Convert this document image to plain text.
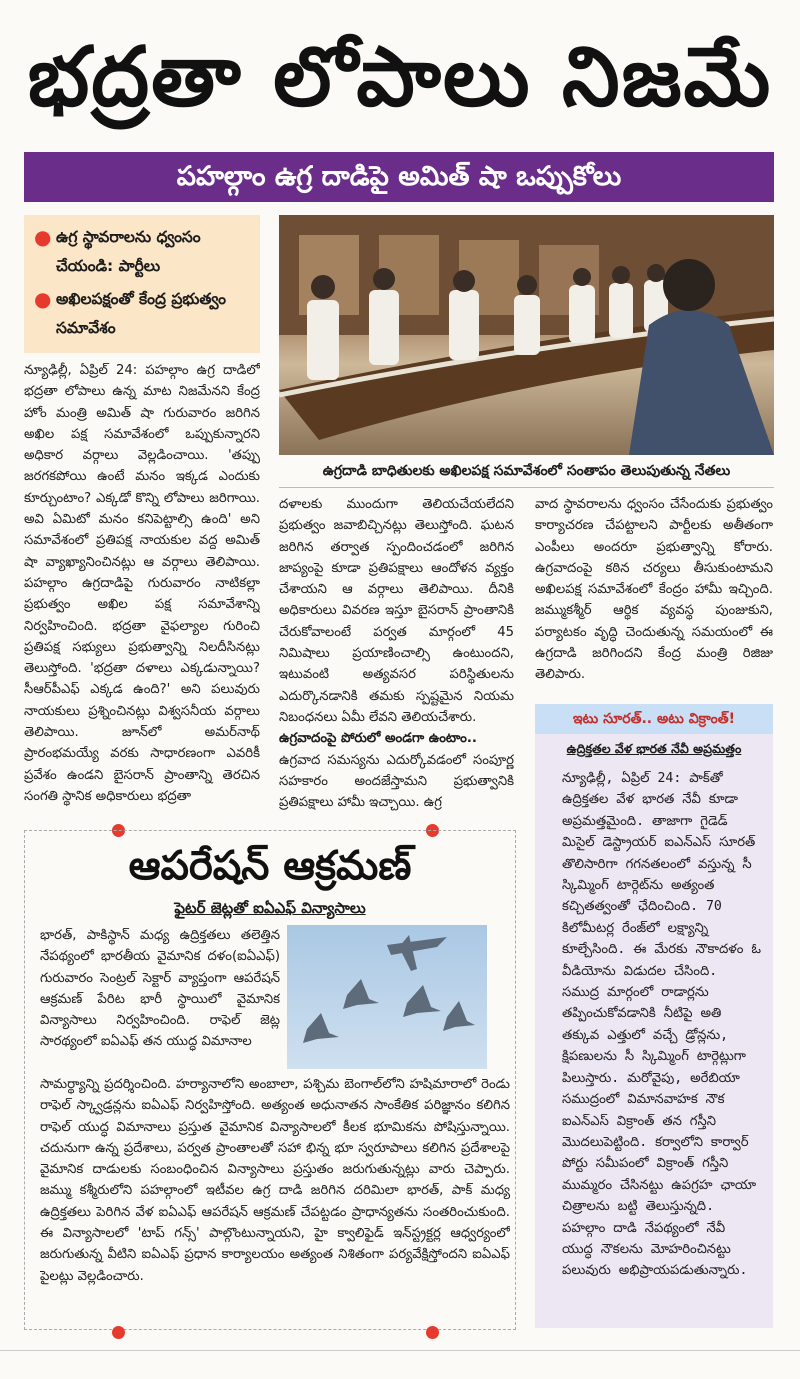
భద్రతా లోపాలు నిజమే
పహల్గాం ఉగ్ర దాడిపై అమిత్ షా ఒప్పుకోలు
● ఉగ్ర స్థావరాలను ధ్వంసం చేయండి: పార్టీలు
● అఖిలపక్షంతో కేంద్ర ప్రభుత్వం సమావేశం
ఉగ్రదాడి బాధితులకు అఖిలపక్ష సమావేశంలో సంతాపం తెలుపుతున్న నేతలు

న్యూఢిల్లీ, ఏప్రిల్ 24: పహల్గాం ఉగ్ర దాడిలో భద్రతా లోపాలు ఉన్న మాట నిజమేనని కేంద్ర హోం మంత్రి అమిత్ షా గురువారం జరిగిన అఖిల పక్ష సమావేశంలో ఒప్పుకున్నారని అధికార వర్గాలు వెల్లడించాయి. 'తప్పు జరగకపోయి ఉంటే మనం ఇక్కడ ఎందుకు కూర్చుంటాం? ఎక్కడో కొన్ని లోపాలు జరిగాయి. అవి ఏమిటో మనం కనిపెట్టాల్సి ఉంది' అని సమావేశంలో ప్రతిపక్ష నాయకుల వద్ద అమిత్ షా వ్యాఖ్యానించినట్లు ఆ వర్గాలు తెలిపాయి. పహల్గాం ఉగ్రదాడిపై గురువారం నాటికల్లా ప్రభుత్వం అఖిల పక్ష సమావేశాన్ని నిర్వహించింది. భద్రతా వైఫల్యాల గురించి ప్రతిపక్ష సభ్యులు ప్రభుత్వాన్ని నిలదీసినట్లు తెలుస్తోంది. 'భద్రతా దళాలు ఎక్కడున్నాయి? సీఆర్‌పీఎఫ్ ఎక్కడ ఉంది?' అని పలువురు నాయకులు ప్రశ్నించినట్లు విశ్వసనీయ వర్గాలు తెలిపాయి. జూన్‌లో అమర్‌నాథ్ ప్రారంభమయ్యే వరకు సాధారణంగా ఎవరికీ ప్రవేశం ఉండని బైసరాన్ ప్రాంతాన్ని తెరచిన సంగతి స్థానిక అధికారులు భద్రతా

దళాలకు ముందుగా తెలియచేయలేదని ప్రభుత్వం జవాబిచ్చినట్లు తెలుస్తోంది. ఘటన జరిగిన తర్వాత స్పందించడంలో జరిగిన జాప్యంపై కూడా ప్రతిపక్షాలు ఆందోళన వ్యక్తం చేశాయని ఆ వర్గాలు తెలిపాయి. దీనికి అధికారులు వివరణ ఇస్తూ బైసరాన్ ప్రాంతానికి చేరుకోవాలంటే పర్వత మార్గంలో 45 నిమిషాలు ప్రయాణించాల్సి ఉంటుందని, ఇటువంటి అత్యవసర పరిస్థితులను ఎదుర్కొనడానికి తమకు స్పష్టమైన నియమ నిబంధనలు ఏమీ లేవని తెలియచేశారు.

ఉగ్రవాదంపై పోరులో అండగా ఉంటాం..

ఉగ్రవాద సమస్యను ఎదుర్కోవడంలో సంపూర్ణ సహకారం అందజేస్తామని ప్రభుత్వానికి ప్రతిపక్షాలు హామీ ఇచ్చాయి. ఉగ్ర

వాద స్థావరాలను ధ్వంసం చేసేందుకు ప్రభుత్వం కార్యాచరణ చేపట్టాలని పార్టీలకు అతీతంగా ఎంపీలు అందరూ ప్రభుత్వాన్ని కోరారు. ఉగ్రవాదంపై కఠిన చర్యలు తీసుకుంటామని అఖిలపక్ష సమావేశంలో కేంద్రం హామీ ఇచ్చింది. జమ్ముకశ్మీర్ ఆర్థిక వ్యవస్థ పుంజుకుని, పర్యాటకం వృద్ధి చెందుతున్న సమయంలో ఈ ఉగ్రదాడి జరిగిందని కేంద్ర మంత్రి రిజిజు తెలిపారు.

ఆపరేషన్ ఆక్రమణ్
ఫైటర్ జెట్లతో ఐఏఎఫ్ విన్యాసాలు

భారత్, పాకిస్థాన్ మధ్య ఉద్రిక్తతలు తలెత్తిన నేపథ్యంలో భారతీయ వైమానిక దళం(ఐఏఎఫ్) గురువారం సెంట్రల్ సెక్టార్ వ్యాప్తంగా ఆపరేషన్ ఆక్రమణ్ పేరిట భారీ స్థాయిలో వైమానిక విన్యాసాలు నిర్వహించింది. రాఫెల్ జెట్ల సారథ్యంలో ఐఏఎఫ్ తన యుద్ధ విమానాల

సామర్థ్యాన్ని ప్రదర్శించింది. హర్యానాలోని అంబాలా, పశ్చిమ బెంగాల్‌లోని హషిమారాలో రెండు రాఫెల్ స్క్వాడ్రన్లను ఐఏఎఫ్ నిర్వహిస్తోంది. అత్యంత అధునాతన సాంకేతిక పరిజ్ఞానం కలిగిన రాఫెల్ యుద్ధ విమానాలు ప్రస్తుత వైమానిక విన్యాసాలలో కీలక భూమికను పోషిస్తున్నాయి. చదునుగా ఉన్న ప్రదేశాలు, పర్వత ప్రాంతాలతో సహా భిన్న భూ స్వరూపాలు కలిగిన ప్రదేశాలపై వైమానిక దాడులకు సంబంధించిన విన్యాసాలు ప్రస్తుతం జరుగుతున్నట్లు వారు చెప్పారు. జమ్ము కశ్మీరులోని పహల్గాంలో ఇటీవల ఉగ్ర దాడి జరిగిన దరిమిలా భారత్, పాక్ మధ్య ఉద్రిక్తతలు పెరిగిన వేళ ఐఏఎఫ్ ఆపరేషన్ ఆక్రమణ్ చేపట్టడం ప్రాధాన్యతను సంతరించుకుంది. ఈ విన్యాసాలలో 'టాప్ గన్స్' పాల్గొంటున్నాయని, హై క్వాలిఫైడ్ ఇన్‌స్ట్రక్టర్ల ఆధ్వర్యంలో జరుగుతున్న వీటిని ఐఏఎఫ్ ప్రధాన కార్యాలయం అత్యంత నిశితంగా పర్యవేక్షిస్తోందని ఐఏఎఫ్ పైలట్లు వెల్లడించారు.

ఇటు సూరత్.. అటు విక్రాంత్!
ఉద్రిక్తతల వేళ భారత నేవీ అప్రమత్తం

న్యూఢిల్లీ, ఏప్రిల్ 24: పాక్‌తో ఉద్రిక్తతల వేళ భారత నేవీ కూడా అప్రమత్తమైంది. తాజాగా గైడెడ్ మిసైల్ డెస్ట్రాయర్ ఐఎన్ఎస్ సూరత్ తొలిసారిగా గగనతలంలో వస్తున్న సీ స్కిమ్మింగ్ టార్గెట్‌ను అత్యంత కచ్చితత్వంతో ఛేదించింది. 70 కిలోమీటర్ల రేంజ్‌లో లక్ష్యాన్ని కూల్చేసింది. ఈ మేరకు నౌకాదళం ఓ వీడియోను విడుదల చేసింది. సముద్ర మార్గంలో రాడార్లను తప్పించుకోవడానికి నీటిపై అతి తక్కువ ఎత్తులో వచ్చే డ్రోన్లను, క్షిపణులను సీ స్కిమ్మింగ్ టార్గెట్లుగా పిలుస్తారు. మరోవైపు, అరేబియా సముద్రంలో విమానవాహక నౌక ఐఎన్ఎస్ విక్రాంత్ తన గస్తీని మొదలుపెట్టింది. కర్వాలోని కార్వార్ పోర్టు సమీపంలో విక్రాంత్ గస్తీని ముమ్మరం చేసినట్టు ఉపగ్రహ ఛాయా చిత్రాలను బట్టి తెలుస్తున్నది. పహల్గాం దాడి నేపథ్యంలో నేవీ యుద్ధ నౌకలను మోహరించినట్టు పలువురు అభిప్రాయపడుతున్నారు.
